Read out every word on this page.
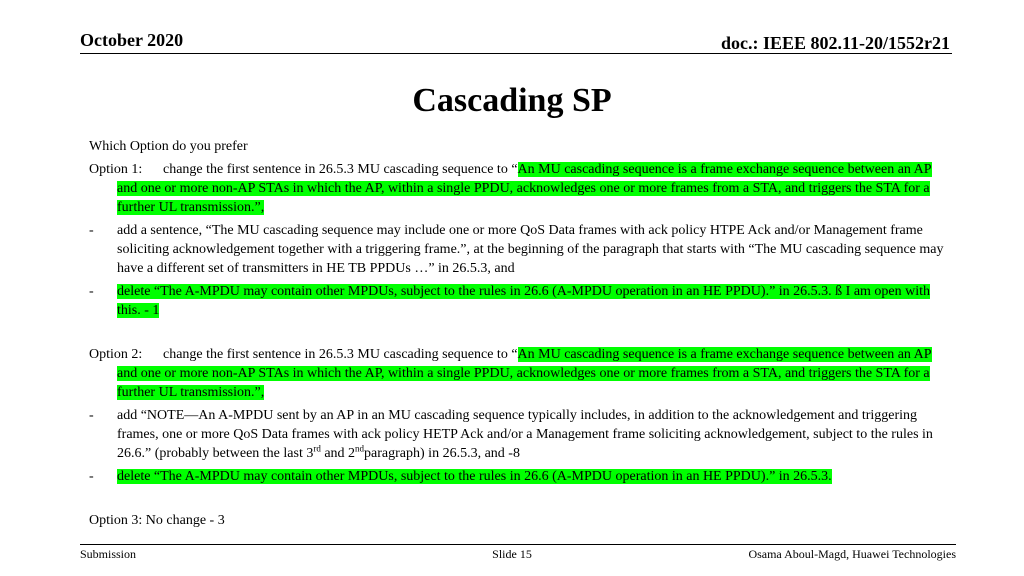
October 2020	doc.: IEEE 802.11-20/1552r21
Cascading SP

Which Option do you prefer

Option 1: change the first sentence in 26.5.3 MU cascading sequence to “An MU cascading sequence is a frame exchange sequence between an AP and one or more non-AP STAs in which the AP, within a single PPDU, acknowledges one or more frames from a STA, and triggers the STA for a further UL transmission.”,

- add a sentence, “The MU cascading sequence may include one or more QoS Data frames with ack policy HTPE Ack and/or Management frame soliciting acknowledgement together with a triggering frame.”, at the beginning of the paragraph that starts with “The MU cascading sequence may have a different set of transmitters in HE TB PPDUs …” in 26.5.3, and

- delete “The A-MPDU may contain other MPDUs, subject to the rules in 26.6 (A-MPDU operation in an HE PPDU).” in 26.5.3. ß I am open with this. - 1

Option 2: change the first sentence in 26.5.3 MU cascading sequence to “An MU cascading sequence is a frame exchange sequence between an AP and one or more non-AP STAs in which the AP, within a single PPDU, acknowledges one or more frames from a STA, and triggers the STA for a further UL transmission.”,

- add “NOTE—An A-MPDU sent by an AP in an MU cascading sequence typically includes, in addition to the acknowledgement and triggering frames, one or more QoS Data frames with ack policy HETP Ack and/or a Management frame soliciting acknowledgement, subject to the rules in 26.6.” (probably between the last 3rd and 2ndparagraph) in 26.5.3, and -8

- delete “The A-MPDU may contain other MPDUs, subject to the rules in 26.6 (A-MPDU operation in an HE PPDU).” in 26.5.3.

Option 3: No change - 3

Submission	Slide 15	Osama Aboul-Magd, Huawei Technologies
